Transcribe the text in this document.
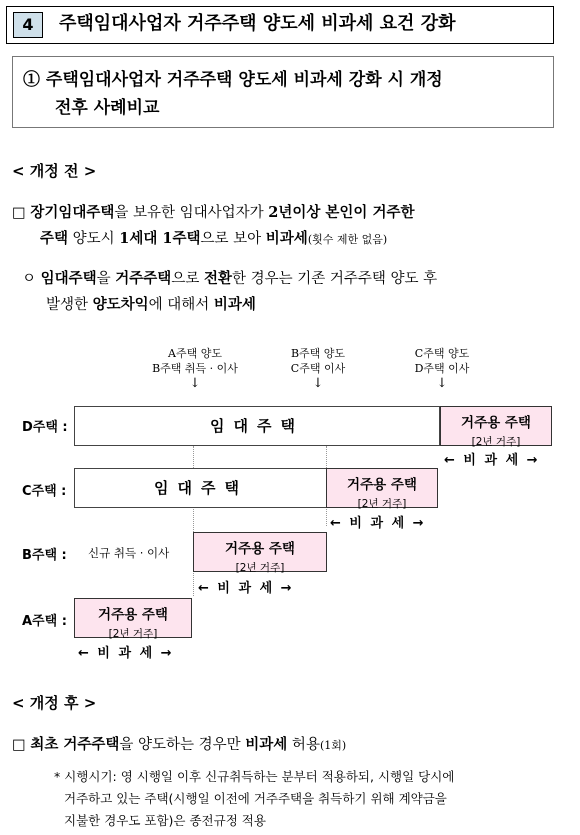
4	주택임대사업자 거주주택 양도세 비과세 요건 강화
① 주택임대사업자 거주주택 양도세 비과세 강화 시 개정
전후 사례비교
< 개정 전 >
□ 장기임대주택을 보유한 임대사업자가 2년이상 본인이 거주한
주택 양도시 1세대 1주택으로 보아 비과세(횟수 제한 없음)
ㅇ 임대주택을 거주주택으로 전환한 경우는 기존 거주주택 양도 후
발생한 양도차익에 대해서 비과세
A주택 양도
B주택 취득 · 이사
↓
B주택 양도
C주택 이사
↓
C주택 양도
D주택 이사
↓
D주택 :	임대주택	거주용 주택
[2년 거주]
← 비 과 세 →
C주택 :	임대주택	거주용 주택
[2년 거주]
← 비 과 세 →
B주택 : 신규 취득 · 이사	거주용 주택
[2년 거주]
← 비 과 세 →
A주택 :	거주용 주택
[2년 거주]
← 비 과 세 →
< 개정 후 >
□ 최초 거주주택을 양도하는 경우만 비과세 허용(1회)
* 시행시기: 영 시행일 이후 신규취득하는 분부터 적용하되, 시행일 당시에
거주하고 있는 주택(시행일 이전에 거주주택을 취득하기 위해 계약금을
지불한 경우도 포함)은 종전규정 적용
